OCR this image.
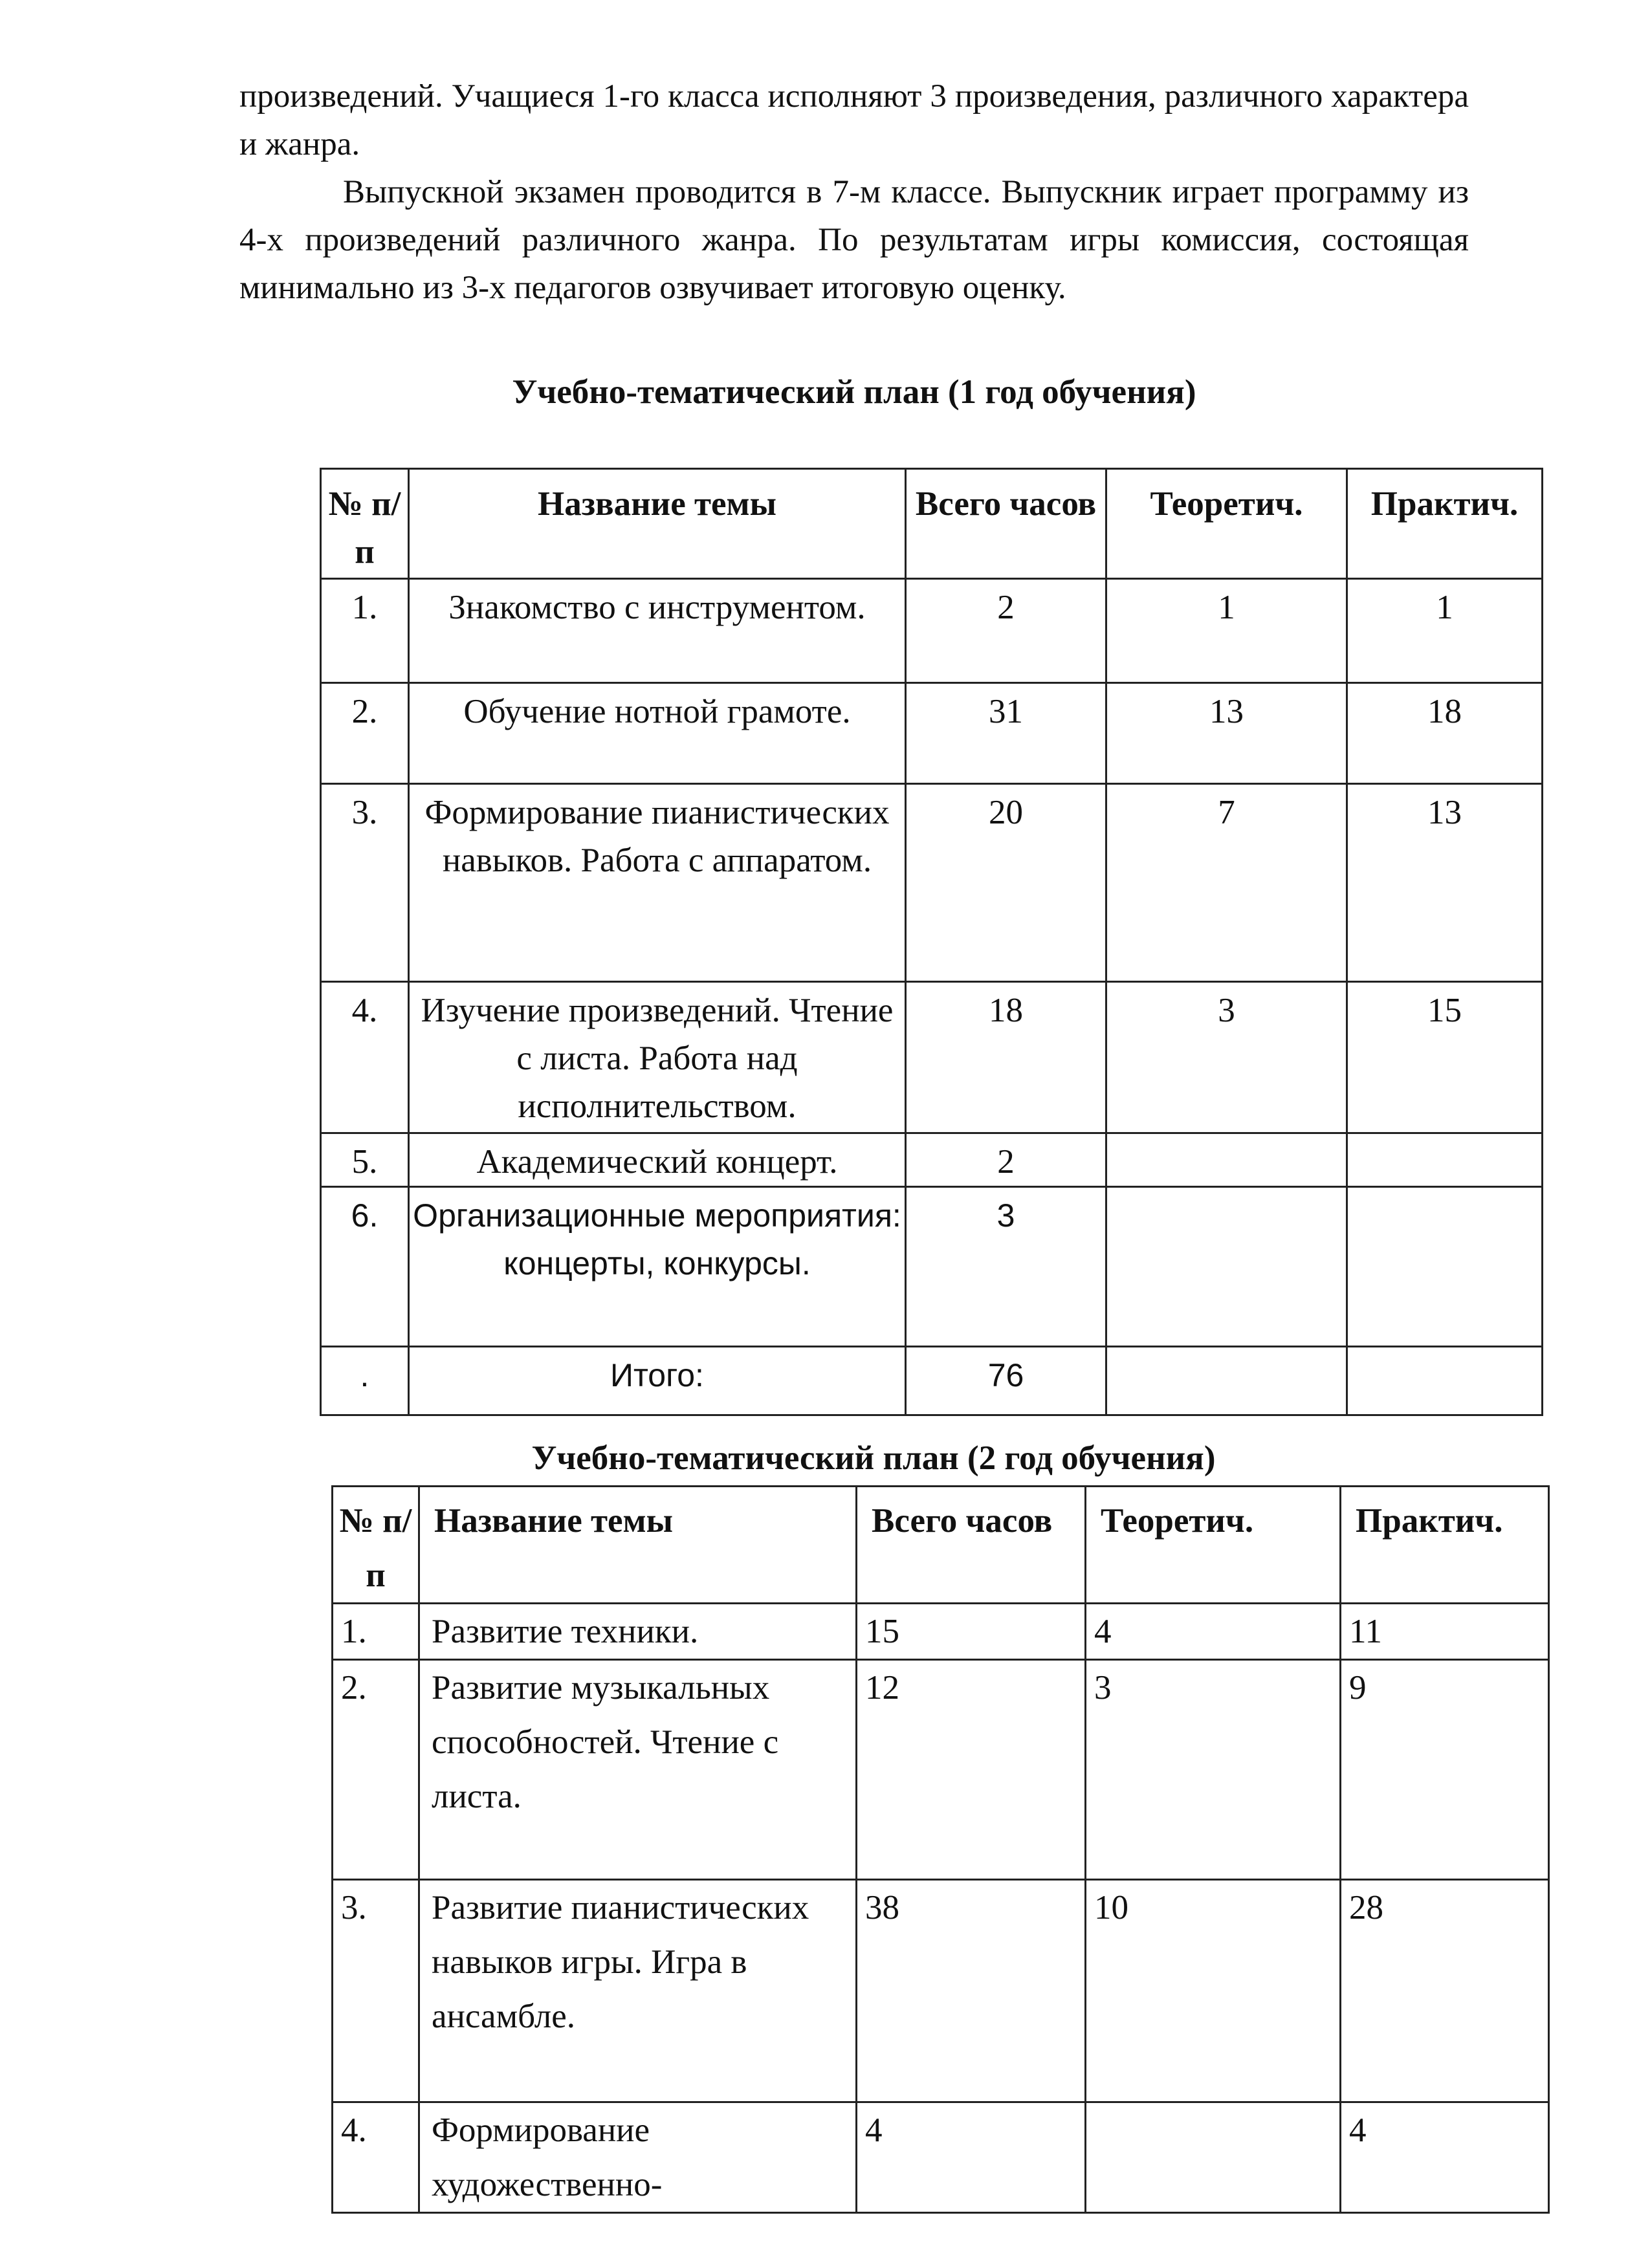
произведений. Учащиеся 1-го класса исполняют 3 произведения, различного характера и жанра.

Выпускной экзамен проводится в 7-м классе. Выпускник играет программу из 4-х произведений различного жанра. По результатам игры комиссия, состоящая минимально из 3-х педагогов озвучивает итоговую оценку.

Учебно-тематический план (1 год обучения)
№ п/п	Название темы	Всего часов	Теоретич.	Практич.
1.	Знакомство с инструментом.	2	1	1
2.	Обучение нотной грамоте.	31	13	18
3.	Формирование пианистических навыков. Работа с аппаратом.	20	7	13
4.	Изучение произведений. Чтение с листа. Работа над исполнительством.	18	3	15
5.	Академический концерт.	2		
6.	Организационные мероприятия: концерты, конкурсы.	3		
.	Итого:	76		
Учебно-тематический план (2 год обучения)
№ п/п	Название темы	Всего часов	Теоретич.	Практич.
1.	Развитие техники.	15	4	11
2.	Развитие музыкальных способностей. Чтение с листа.	12	3	9
3.	Развитие пианистических навыков игры. Игра в ансамбле.	38	10	28
4.	Формирование художественно-	4		4
